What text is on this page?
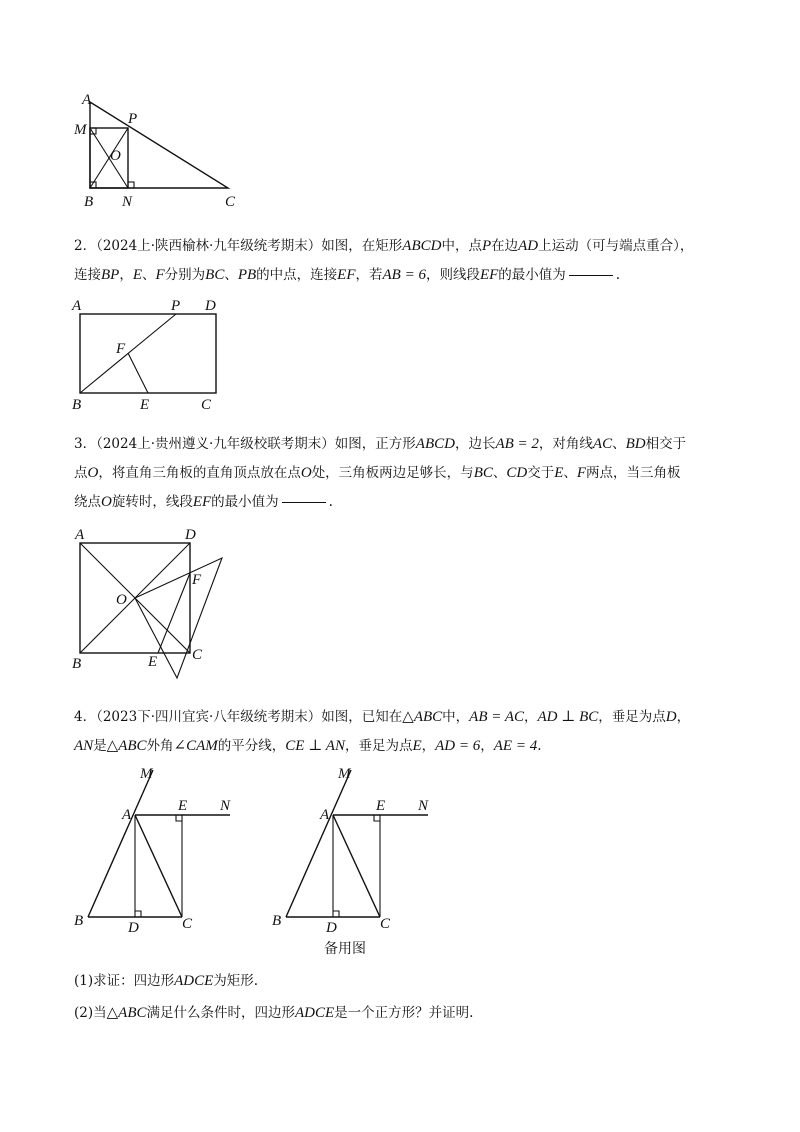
A
M
P
O
B N	C
2．（2024上·陕西榆林·九年级统考期末）如图，在矩形ABCD中，点P在边AD上运动（可与端点重合），
连接BP，E、F分别为BC、PB的中点，连接EF，若AB = 6，则线段EF的最小值为	.
A	P D
F
B	E	C
3．（2024上·贵州遵义·九年级校联考期末）如图，正方形ABCD，边长AB = 2，对角线AC、BD相交于
点O，将直角三角板的直角顶点放在点O处，三角板两边足够长，与BC、CD交于E、F两点，当三角板
绕点O旋转时，线段EF的最小值为	.
A	D
F
O
B	E C
4．（2023下·四川宜宾·八年级统考期末）如图，已知在△ABC中，AB = AC，AD ⊥ BC，垂足为点D，
AN是△ABC外角∠CAM的平分线，CE ⊥ AN，垂足为点E，AD = 6，AE = 4.
M
A
E N
B	D	C
M
A
E N
B	D	C
备用图
(1)求证：四边形ADCE为矩形.
(2)当△ABC满足什么条件时，四边形ADCE是一个正方形？并证明.
